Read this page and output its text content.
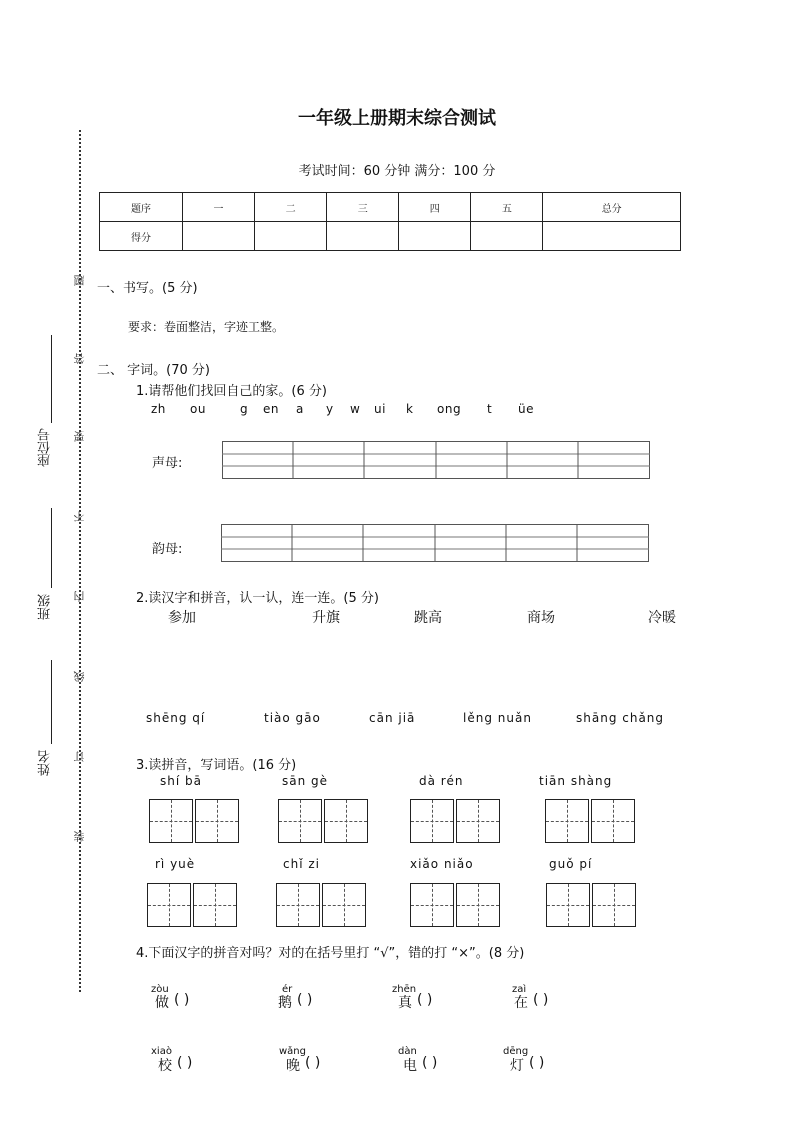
一年级上册期末综合测试
考试时间：60 分钟 满分：100 分
题序	一	二	三	四	五	总分
得分						
题
答
要
不
内
线
订
装
座位号
班级
姓名
一、书写。(5 分)
要求：卷面整洁，字迹工整。
二、 字词。(70 分)
1.请帮他们找回自己的家。(6 分)
zh ou	g en a y w ui k ong t üe
声母:
韵母:
2.读汉字和拼音，认一认，连一连。(5 分)
参加	升旗	跳高	商场	冷暖
shēng qí	tiào gāo	cān jiā	lěng nuǎn	shāng chǎng
3.读拼音，写词语。(16 分)
shí bā	sān gè	dà rén	tiān shàng
rì yuè	chǐ zi	xiǎo niǎo	guǒ pí
4.下面汉字的拼音对吗？对的在括号里打 “√”，错的打 “×”。(8 分)
zòu
做 ( )
ér
鹅 ( )
zhēn
真 ( )
zaì
在 ( )
xiaò
校 ( )
wǎng
晚 ( )
dàn
电 ( )
dēng
灯 ( )
